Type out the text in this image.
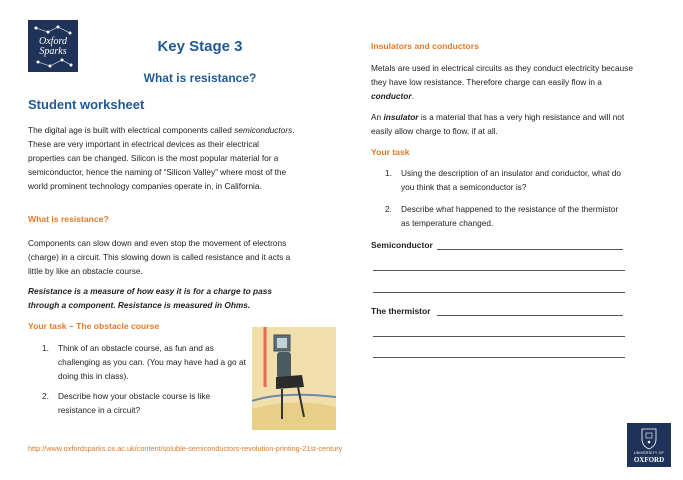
Oxford
Sparks	Key Stage 3
What is resistance?
Student worksheet

The digital age is built with electrical components called semiconductors. These are very important in electrical devices as their electrical properties can be changed. Silicon is the most popular material for a semiconductor, hence the naming of “Silicon Valley” where most of the world prominent technology companies operate in, in California.

What is resistance?

Components can slow down and even stop the movement of electrons (charge) in a circuit. This slowing down is called resistance and it acts a little by like an obstacle course.

Resistance is a measure of how easy it is for a charge to pass through a component. Resistance is measured in Ohms.

Your task – The obstacle course
1. Think of an obstacle course, as fun and as challenging as you can. (You may have had a go at doing this in class).
2. Describe how your obstacle course is like resistance in a circuit?
Insulators and conductors

Metals are used in electrical circuits as they conduct electricity because they have low resistance. Therefore charge can easily flow in a conductor.

An insulator is a material that has a very high resistance and will not easily allow charge to flow, if at all.

Your task
1. Using the description of an insulator and conductor, what do you think that a semiconductor is?
2. Describe what happened to the resistance of the thermistor as temperature changed.
Semiconductor
The thermistor
http://www.oxfordsparks.ox.ac.uk/content/soluble-semiconductors-revolution-printing-21st-century	UNIVERSITY OF
OXFORD
